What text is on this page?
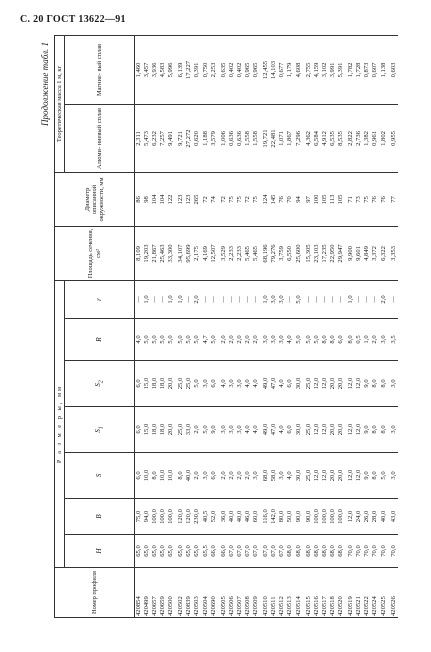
С. 20 ГОСТ 13622—91
Продолжение табл. 1
Номер профиля	Р а з м е р ы, мм							Площадь сечения, см²	Диаметр описанной окружности, мм	Теоретическая масса 1 м, кг	
	H	B	S	$S_1$	$S_2$	R	r			Алюми- ниевый сплав	Магние- вый сплав
420854	65,0	75,0	6,0	6,0	6,0	4,0	—	8,109	86	2,311	1,460
420499	65,0	94,0	10,0	15,0	15,0	5,0	1,0	19,203	98	5,473	3,457
420657	65,0	100,0	8,0	18,0	18,0	5,0	—	21,867	104	6,232	3,936
420659	65,0	100,0	10,0	18,0	18,0	5,0	—	25,463	104	7,257	4,583
420500	65,0	100,0	10,0	20,0	20,0	5,0	1,0	33,300	122	9,491	5,996
420502	65,0	120,0	8,0	25,0	25,0	5,0	1,0	34,107	123	9,721	6,139
420839	65,0	120,0	40,0	33,0	25,0	5,0	—	95,699	123	27,272	17,227
420503	65,0	230,0	2,0	2,0	5,0	5,0	2,0	2,175	265	0,620	0,391
420504	65,5	40,5	3,0	5,0	3,0	4,7	—	4,169	72	1,188	0,750
420690	66,0	52,0	6,0	9,0	6,0	5,0	—	12,507	74	3,579	2,253
420505	66,0	36,0	2,0	3,0	4,0	2,0	—	3,529	72	1,006	0,635
420506	67,0	40,0	2,0	3,0	3,0	2,0	—	2,233	75	0,636	0,402
420507	67,0	40,0	2,0	3,0	3,0	2,0	—	2,233	75	0,636	0,402
420508	67,0	46,0	2,0	4,0	4,0	2,0	—	5,465	72	1,558	0,965
420509	67,0	60,0	3,0	4,0	4,0	2,0	—	5,465	75	1,558	0,965
420510	67,0	116,0	68,0	49,0	49,0	3,0	1,0	68,196	124	19,721	12,455
420511	67,0	142,0	58,0	47,0	47,0	3,0	3,0	79,276	145	22,481	14,103
420512	67,0	80,0	3,0	4,0	4,0	3,0	3,0	3,759	76	1,071	0,677
420513	68,0	50,0	4,0	6,0	6,0	4,0	—	6,550	70	1,867	1,179
420514	68,0	90,0	30,0	30,0	30,0	5,0	5,0	25,600	94	7,296	4,608
420515	68,0	90,0	25,0	25,0	25,0	5,0	—	15,305	97	4,362	2,755
420516	68,0	100,0	12,0	12,0	12,0	5,0	—	23,103	100	6,584	4,159
420517	68,0	100,0	12,0	12,0	12,0	8,0	—	17,235	105	4,912	3,102
420518	68,0	100,0	20,0	20,0	20,0	8,0	—	22,950	113	6,535	3,991
420520	68,0	100,0	20,0	20,0	20,0	6,0	—	29,947	105	8,535	5,391
420519	70,0	12,0	12,0	12,0	12,0	8,0	1,0	9,900	71	2,822	1,782
420521	70,0	24,0	12,0	12,0	12,0	0,5	—	9,601	73	2,736	1,728
420522	70,0	26,0	9,0	9,0	9,0	1,0	—	4,849	75	1,382	0,873
420524	70,0	28,0	8,0	8,0	8,0	2,0	—	3,372	76	0,961	0,607
420525	70,0	40,0	5,0	8,0	8,0	3,0	2,0	6,322	76	1,802	1,138
420526	70,0	43,0	3,0	3,0	3,0	3,5	—	3,353	77	0,955	0,603
